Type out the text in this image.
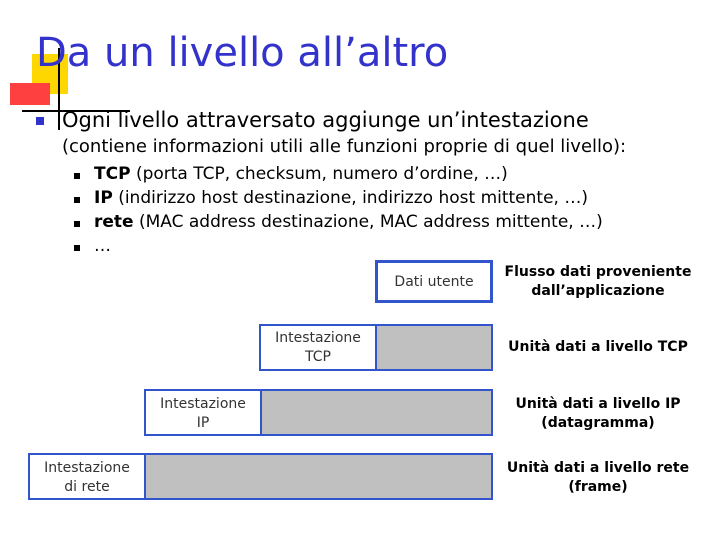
Da un livello all’altro
Ogni livello attraversato aggiunge un’intestazione
(contiene informazioni utili alle funzioni proprie di quel livello):
TCP (porta TCP, checksum, numero d’ordine, …)
IP (indirizzo host destinazione, indirizzo host mittente, …)
rete (MAC address destinazione, MAC address mittente, …)
…
Dati utente
Intestazione
TCP
Intestazione
IP
Intestazione
di rete
Flusso dati proveniente
dall’applicazione
Unità dati a livello TCP
Unità dati a livello IP
(datagramma)
Unità dati a livello rete
(frame)
